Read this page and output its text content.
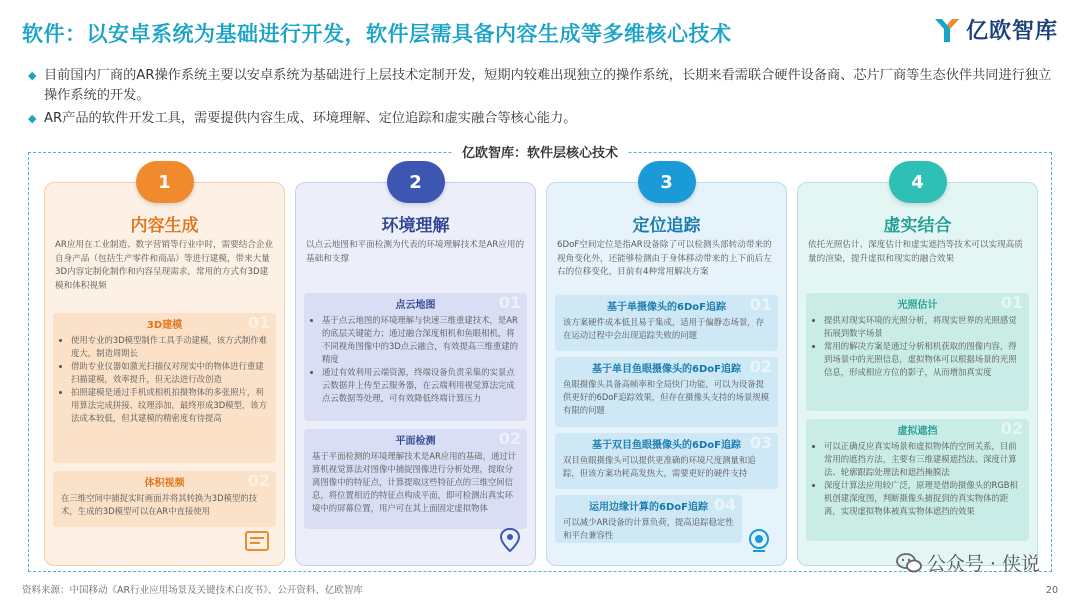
软件：以安卓系统为基础进行开发，软件层需具备内容生成等多维核心技术	亿欧智库
◆ 目前国内厂商的AR操作系统主要以安卓系统为基础进行上层技术定制开发，短期内较难出现独立的操作系统，长期来看需联合硬件设备商、芯片厂商等生态伙伴共同进行独立操作系统的开发。
◆ AR产品的软件开发工具，需要提供内容生成、环境理解、定位追踪和虚实融合等核心能力。
亿欧智库：软件层核心技术
1
内容生成
AR应用在工业制造、数字营销等行业中时，需要结合企业自身产品（包括生产零件和商品）等进行建模，带来大量3D内容定制化制作和内容呈现需求，常用的方式有3D建模和体积视频
3D建模	01
• 使用专业的3D模型制作工具手动建模，该方式制作难度大，制造周期长
• 借助专业仪器如激光扫描仪对现实中的物体进行重建扫描建模，效率提升，但无法进行改创造
• 拍照建模是通过手机或相机拍摄物体的多张照片，利用算法完成拼接、纹理添加，最终形成3D模型，该方法成本较低，但其建模的精密度有待提高
体积视频	02
在三维空间中捕捉实时画面并将其转换为3D模型的技术，生成的3D模型可以在AR中直接使用
2
环境理解
以点云地图和平面检测为代表的环境理解技术是AR应用的基础和支撑
点云地图	01
• 基于点云地图的环境理解与快速三维重建技术，是AR的底层关键能力；通过融合深度相机和鱼眼相机，将不同视角图像中的3D点云融合，有效提高三维重建的精度
• 通过有效利用云端资源，终端设备负责采集的实景点云数据并上传至云服务器，在云端利用视觉算法完成点云数据等处理，可有效降低终端计算压力
平面检测	02
基于平面检测的环境理解技术是AR应用的基础，通过计算机视觉算法对图像中捕捉图像进行分析处理，提取分离图像中的特征点，计算提取这些特征点的三维空间信息，将位置相近的特征点构成平面，即可检测出真实环境中的屏幕位置，用户可在其上面固定虚拟物体
3
定位追踪
6DoF空间定位是指AR设备除了可以检测头部转动带来的视角变化外，还能够检测由于身体移动带来的上下前后左右的位移变化，目前有4种常用解决方案
基于单摄像头的6DoF追踪	01
该方案硬件成本低且易于集成，适用于偏静态场景，存在运动过程中会出现追踪失败的问题
基于单目鱼眼摄像头的6DoF追踪 02
鱼眼摄像头具备高帧率和全局快门功能，可以为设备提供更好的6DoF追踪效果，但存在摄像头支持的场景规模有限的问题
基于双目鱼眼摄像头的6DoF追踪 03
双目鱼眼摄像头可以提供更准确的环境尺度测量和追踪，但该方案功耗高发热大，需要更好的硬件支持
运用边缘计算的6DoF追踪 04
可以减少AR设备的计算负荷，提高追踪稳定性和平台兼容性
4
虚实结合
依托光照估计、深度估计和虚实遮挡等技术可以实现高质量的渲染，提升虚拟和现实的融合效果
光照估计	01
• 提供对现实环境的光照分析，将现实世界的光照感觉拓展到数字场景
• 常用的解决方案是通过分析相机获取的图像内容，得到场景中的光照信息，虚拟物体可以根据场景的光照信息，形成相应方位的影子，从而增加真实度
虚拟遮挡	02
• 可以正确反应真实场景和虚拟物体的空间关系，目前常用的遮挡方法，主要有三维建模遮挡法、深度计算法、轮廓跟踪处理法和遮挡掩膜法
• 深度计算法应用较广泛，原理是借助摄像头的RGB相机创建深度图，判断摄像头捕捉到的真实物体的距离，实现虚拟物体被真实物体遮挡的效果
公众号 · 侠说
资料来源：中国移动《AR行业应用场景及关键技术白皮书》、公开资料、亿欧智库	20
